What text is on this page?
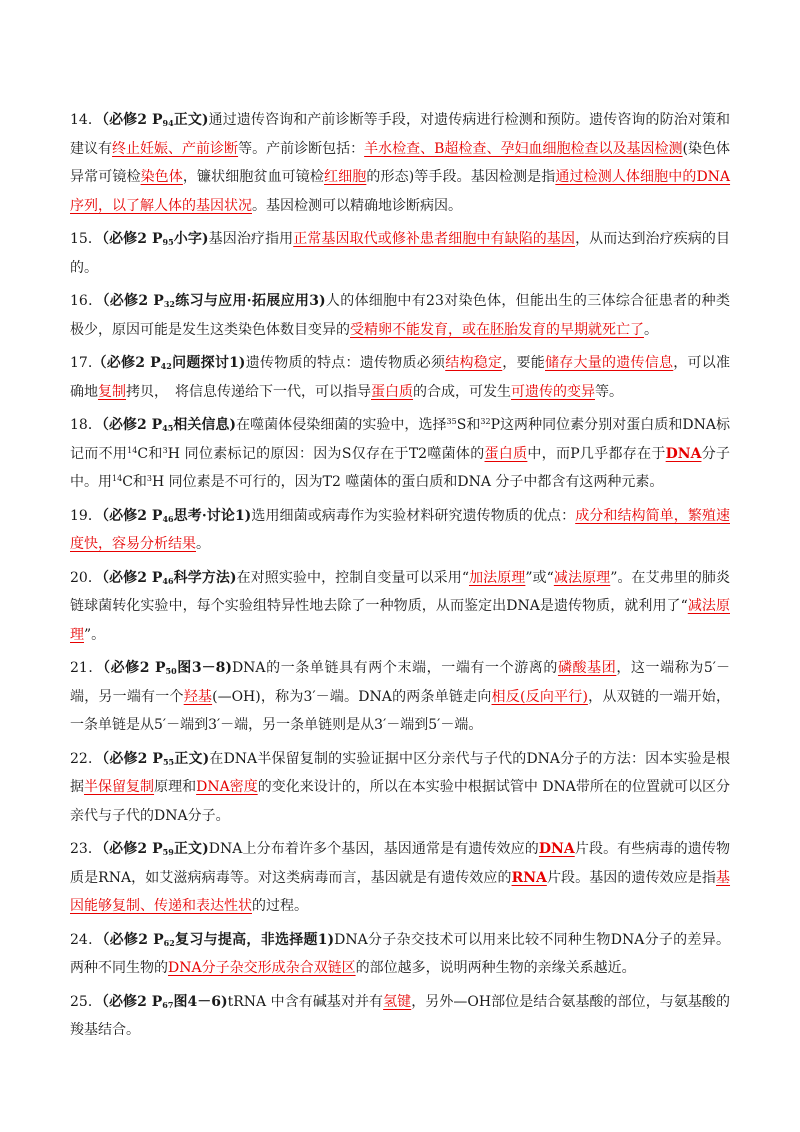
14．（必修2 $P_{94}$正文)通过遗传咨询和产前诊断等手段，对遗传病进行检测和预防。遗传咨询的防治对策和建议有终止妊娠、产前诊断等。产前诊断包括：羊水检查、B超检查、孕妇血细胞检查以及基因检测(染色体异常可镜检染色体，镰状细胞贫血可镜检红细胞的形态)等手段。基因检测是指通过检测人体细胞中的DNA序列，以了解人体的基因状况。基因检测可以精确地诊断病因。

15．（必修2 $P_{95}$小字)基因治疗指用正常基因取代或修补患者细胞中有缺陷的基因，从而达到治疗疾病的目的。

16．（必修2 $P_{32}$练习与应用·拓展应用3)人的体细胞中有23对染色体，但能出生的三体综合征患者的种类极少，原因可能是发生这类染色体数目变异的受精卵不能发育，或在胚胎发育的早期就死亡了。

17.（必修2 $P_{42}$问题探讨1)遗传物质的特点：遗传物质必须结构稳定，要能储存大量的遗传信息，可以准确地复制拷贝，　将信息传递给下一代，可以指导蛋白质的合成，可发生可遗传的变异等。

18．（必修2 $P_{45}$相关信息)在噬菌体侵染细菌的实验中，选择$^{35}$S和$^{32}$P这两种同位素分别对蛋白质和DNA标记而不用$^{14}$C和$^3$H 同位素标记的原因：因为S仅存在于T2噬菌体的蛋白质中，而P几乎都存在于DNA分子中。用$^{14}$C和$^3$H 同位素是不可行的，因为T2 噬菌体的蛋白质和DNA 分子中都含有这两种元素。

19．（必修2 $P_{46}$思考·讨论1)选用细菌或病毒作为实验材料研究遗传物质的优点：成分和结构简单，繁殖速度快，容易分析结果。

20．（必修2 $P_{46}$科学方法)在对照实验中，控制自变量可以采用“加法原理”或“减法原理”。在艾弗里的肺炎链球菌转化实验中，每个实验组特异性地去除了一种物质，从而鉴定出DNA是遗传物质，就利用了“减法原理”。

21．（必修2 $P_{50}$图3－8)DNA的一条单链具有两个末端，一端有一个游离的磷酸基团，这一端称为5′－端，另一端有一个羟基(—OH)，称为3′－端。DNA的两条单链走向相反(反向平行)，从双链的一端开始，一条单链是从5′－端到3′－端，另一条单链则是从3′－端到5′－端。

22．（必修2 $P_{55}$正文)在DNA半保留复制的实验证据中区分亲代与子代的DNA分子的方法：因本实验是根据半保留复制原理和DNA密度的变化来设计的，所以在本实验中根据试管中 DNA带所在的位置就可以区分亲代与子代的DNA分子。

23．（必修2 $P_{59}$正文)DNA上分布着许多个基因，基因通常是有遗传效应的DNA片段。有些病毒的遗传物质是RNA，如艾滋病病毒等。对这类病毒而言，基因就是有遗传效应的RNA片段。基因的遗传效应是指基因能够复制、传递和表达性状的过程。

24．（必修2 $P_{62}$复习与提高，非选择题1)DNA分子杂交技术可以用来比较不同种生物DNA分子的差异。两种不同生物的DNA分子杂交形成杂合双链区的部位越多，说明两种生物的亲缘关系越近。

25．（必修2 $P_{67}$图4－6)tRNA 中含有碱基对并有氢键，另外—OH部位是结合氨基酸的部位，与氨基酸的羧基结合。
